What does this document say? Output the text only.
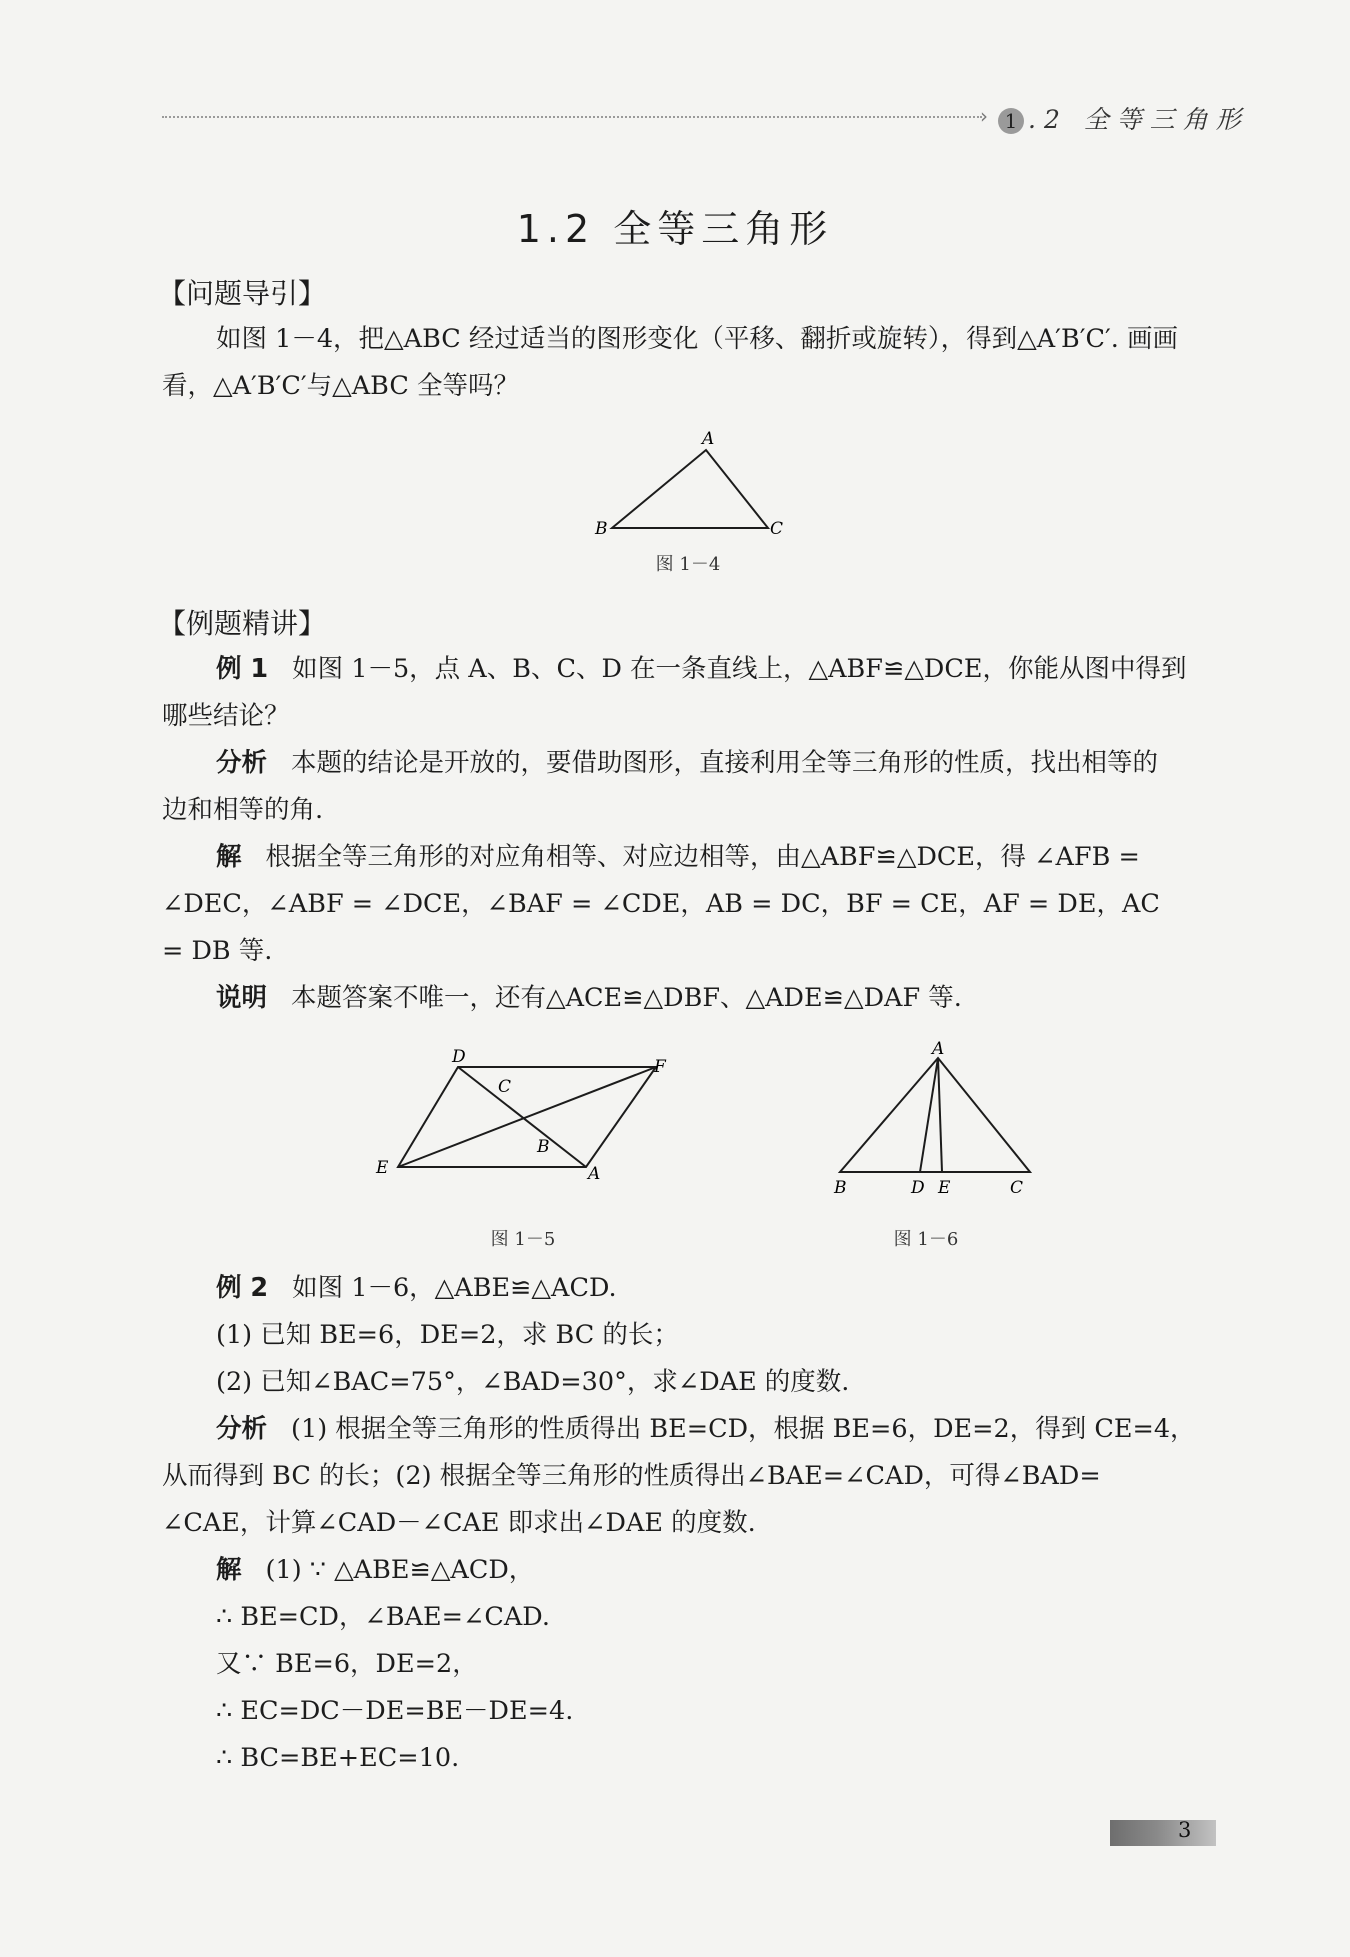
› 1 .2 全等三角形
1.2 全等三角形
【问题导引】
如图 1－4，把△ABC 经过适当的图形变化（平移、翻折或旋转），得到△A′B′C′. 画画
看，△A′B′C′与△ABC 全等吗？
A
B	C
图 1－4
【例题精讲】
例 1 如图 1－5，点 A、B、C、D 在一条直线上，△ABF≌△DCE，你能从图中得到
哪些结论？
分析 本题的结论是开放的，要借助图形，直接利用全等三角形的性质，找出相等的
边和相等的角.
解 根据全等三角形的对应角相等、对应边相等，由△ABF≌△DCE，得 ∠AFB =
∠DEC，∠ABF = ∠DCE，∠BAF = ∠CDE，AB = DC，BF = CE，AF = DE，AC
= DB 等.
说明 本题答案不唯一，还有△ACE≌△DBF、△ADE≌△DAF 等.
D
C
F
B
E	A
图 1－5
A
B	D E	C
图 1－6
例 2 如图 1－6，△ABE≌△ACD.
(1) 已知 BE=6，DE=2，求 BC 的长；
(2) 已知∠BAC=75°，∠BAD=30°，求∠DAE 的度数.
分析 (1) 根据全等三角形的性质得出 BE=CD，根据 BE=6，DE=2，得到 CE=4，
从而得到 BC 的长；(2) 根据全等三角形的性质得出∠BAE=∠CAD，可得∠BAD=
∠CAE，计算∠CAD－∠CAE 即求出∠DAE 的度数.
解 (1) ∵ △ABE≌△ACD，
∴ BE=CD，∠BAE=∠CAD.
又∵ BE=6，DE=2，
∴ EC=DC－DE=BE－DE=4.
∴ BC=BE+EC=10.
3
